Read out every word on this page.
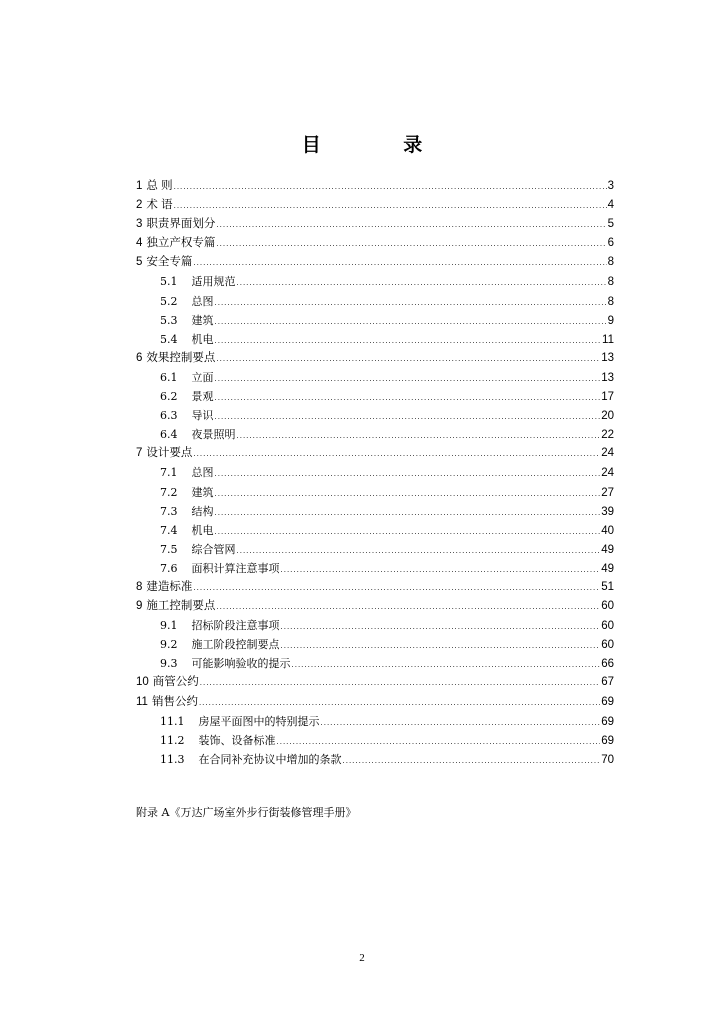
目 录
1 总 则 .....	3
2 术 语 .....	4
3 职责界面划分 .....	5
4 独立产权专篇 .....	6
5 安全专篇 .....	8
5.1	适用规范 .....	8
5.2	总图 .....	8
5.3	建筑 .....	9
5.4	机电 .....	11
6 效果控制要点 .....	13
6.1	立面 .....	13
6.2	景观 .....	17
6.3	导识 .....	20
6.4	夜景照明 .....	22
7 设计要点 .....	24
7.1	总图 .....	24
7.2	建筑 .....	27
7.3	结构 .....	39
7.4	机电 .....	40
7.5	综合管网 .....	49
7.6	面积计算注意事项 .....	49
8 建造标准 .....	51
9 施工控制要点 .....	60
9.1	招标阶段注意事项 .....	60
9.2	施工阶段控制要点 .....	60
9.3	可能影响验收的提示 .....	66
10 商管公约 .....	67
11 销售公约 .....	69
11.1	房屋平面图中的特别提示 .....	69
11.2	装饰、设备标准 .....	69
11.3	在合同补充协议中增加的条款 .....	70
附录 A《万达广场室外步行街装修管理手册》
2
